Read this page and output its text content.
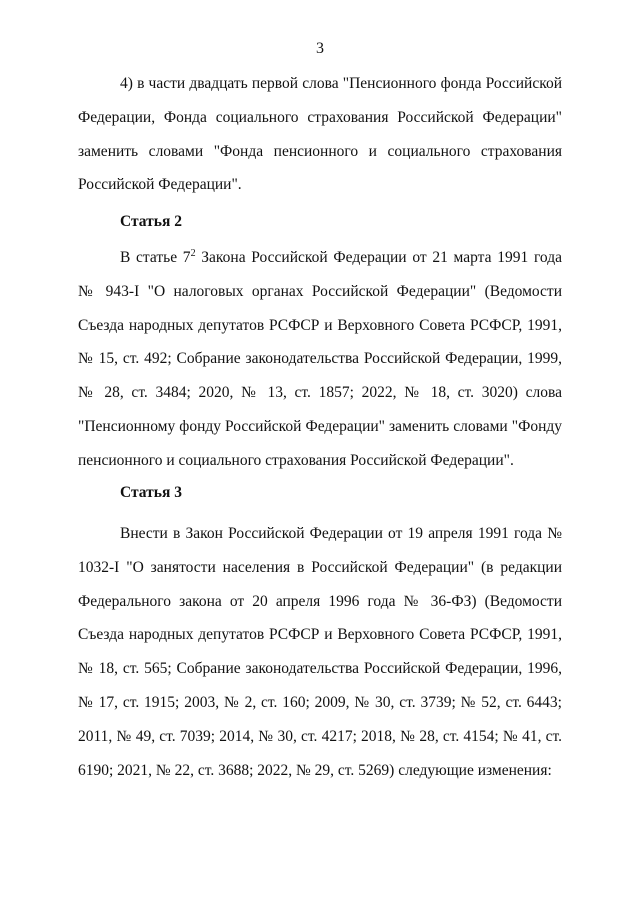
3

4) в части двадцать первой слова "Пенсионного фонда Российской Федерации, Фонда социального страхования Российской Федерации" заменить словами "Фонда пенсионного и социального страхования Российской Федерации".

Статья 2

В статье $7^2$ Закона Российской Федерации от 21 марта 1991 года № 943-I "О налоговых органах Российской Федерации" (Ведомости Съезда народных депутатов РСФСР и Верховного Совета РСФСР, 1991, № 15, ст. 492; Собрание законодательства Российской Федерации, 1999, № 28, ст. 3484; 2020, № 13, ст. 1857; 2022, № 18, ст. 3020) слова "Пенсионному фонду Российской Федерации" заменить словами "Фонду пенсионного и социального страхования Российской Федерации".

Статья 3

Внести в Закон Российской Федерации от 19 апреля 1991 года № 1032-I "О занятости населения в Российской Федерации" (в редакции Федерального закона от 20 апреля 1996 года № 36-ФЗ) (Ведомости Съезда народных депутатов РСФСР и Верховного Совета РСФСР, 1991, № 18, ст. 565; Собрание законодательства Российской Федерации, 1996, № 17, ст. 1915; 2003, № 2, ст. 160; 2009, № 30, ст. 3739; № 52, ст. 6443; 2011, № 49, ст. 7039; 2014, № 30, ст. 4217; 2018, № 28, ст. 4154; № 41, ст. 6190; 2021, № 22, ст. 3688; 2022, № 29, ст. 5269) следующие изменения:
